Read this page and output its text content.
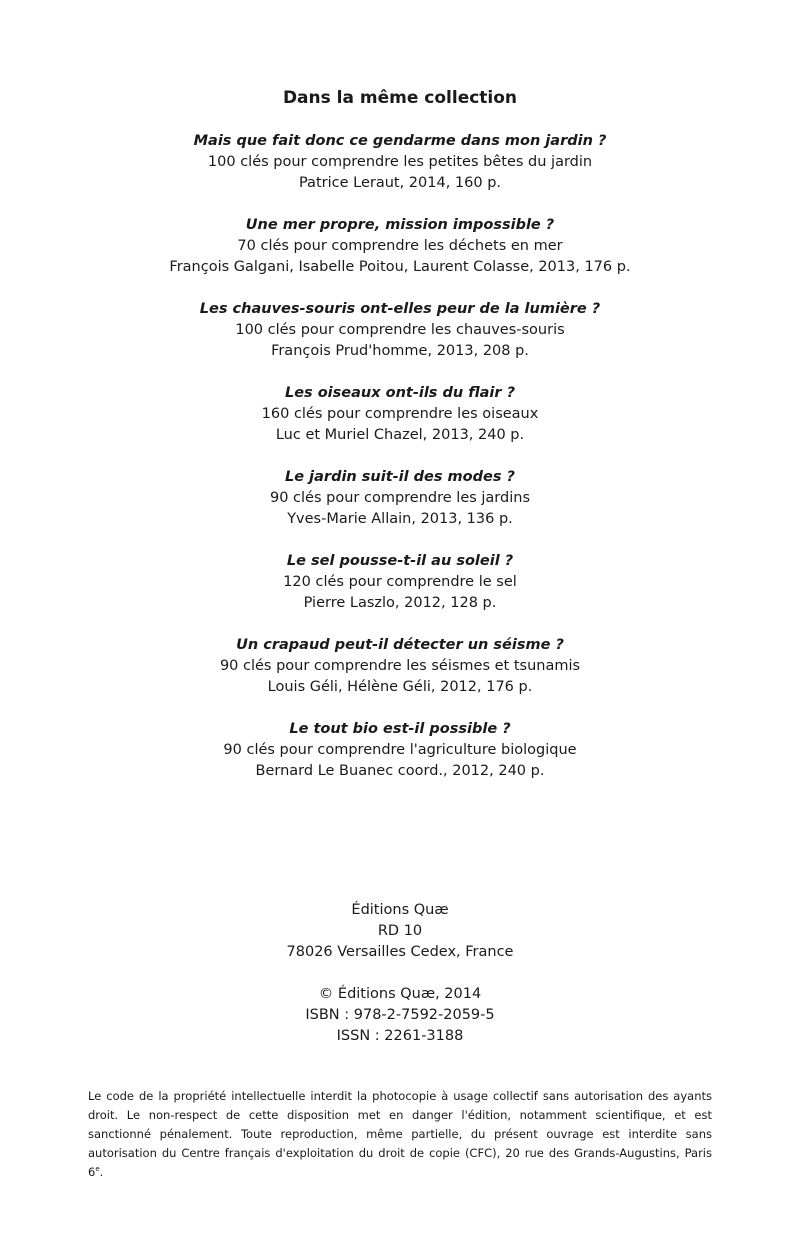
Dans la même collection
Mais que fait donc ce gendarme dans mon jardin ?
100 clés pour comprendre les petites bêtes du jardin
Patrice Leraut, 2014, 160 p.
Une mer propre, mission impossible ?
70 clés pour comprendre les déchets en mer
François Galgani, Isabelle Poitou, Laurent Colasse, 2013, 176 p.
Les chauves-souris ont-elles peur de la lumière ?
100 clés pour comprendre les chauves-souris
François Prud'homme, 2013, 208 p.
Les oiseaux ont-ils du flair ?
160 clés pour comprendre les oiseaux
Luc et Muriel Chazel, 2013, 240 p.
Le jardin suit-il des modes ?
90 clés pour comprendre les jardins
Yves-Marie Allain, 2013, 136 p.
Le sel pousse-t-il au soleil ?
120 clés pour comprendre le sel
Pierre Laszlo, 2012, 128 p.
Un crapaud peut-il détecter un séisme ?
90 clés pour comprendre les séismes et tsunamis
Louis Géli, Hélène Géli, 2012, 176 p.
Le tout bio est-il possible ?
90 clés pour comprendre l'agriculture biologique
Bernard Le Buanec coord., 2012, 240 p.
Éditions Quæ
RD 10
78026 Versailles Cedex, France
© Éditions Quæ, 2014
ISBN : 978-2-7592-2059-5
ISSN : 2261-3188

Le code de la propriété intellectuelle interdit la photocopie à usage collectif sans autorisation des ayants droit. Le non-respect de cette disposition met en danger l'édition, notamment scientifique, et est sanctionné pénalement. Toute reproduction, même partielle, du présent ouvrage est interdite sans autorisation du Centre français d'exploitation du droit de copie (CFC), 20 rue des Grands-Augustins, Paris 6e.
